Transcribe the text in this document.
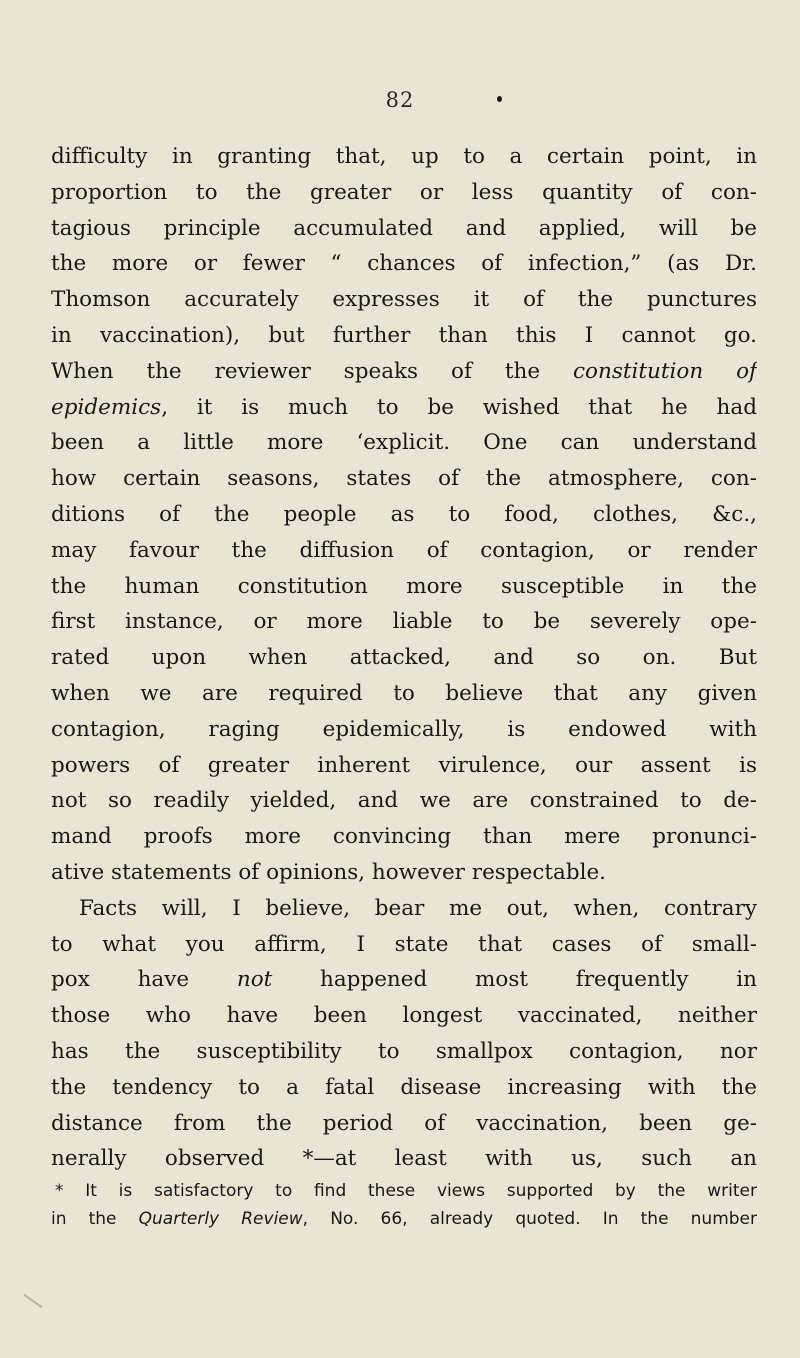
82
difficulty in granting that, up to a certain point, in
proportion to the greater or less quantity of con-
tagious principle accumulated and applied, will be
the more or fewer “ chances of infection,” (as Dr.
Thomson accurately expresses it of the punctures
in vaccination), but further than this I cannot go.
When the reviewer speaks of the constitution of
epidemics, it is much to be wished that he had
been a little more ‘explicit. One can understand
how certain seasons, states of the atmosphere, con-
ditions of the people as to food, clothes, &c.,
may favour the diffusion of contagion, or render
the human constitution more susceptible in the
first instance, or more liable to be severely ope-
rated upon when attacked, and so on. But
when we are required to believe that any given
contagion, raging epidemically, is endowed with
powers of greater inherent virulence, our assent is
not so readily yielded, and we are constrained to de-
mand proofs more convincing than mere pronunci-
ative statements of opinions, however respectable.
Facts will, I believe, bear me out, when, contrary
to what you affirm, I state that cases of small-
pox have not happened most frequently in
those who have been longest vaccinated, neither
has the susceptibility to smallpox contagion, nor
the tendency to a fatal disease increasing with the
distance from the period of vaccination, been ge-
nerally observed *—at least with us, such an
* It is satisfactory to find these views supported by the writer
in the Quarterly Review, No. 66, already quoted. In the number
